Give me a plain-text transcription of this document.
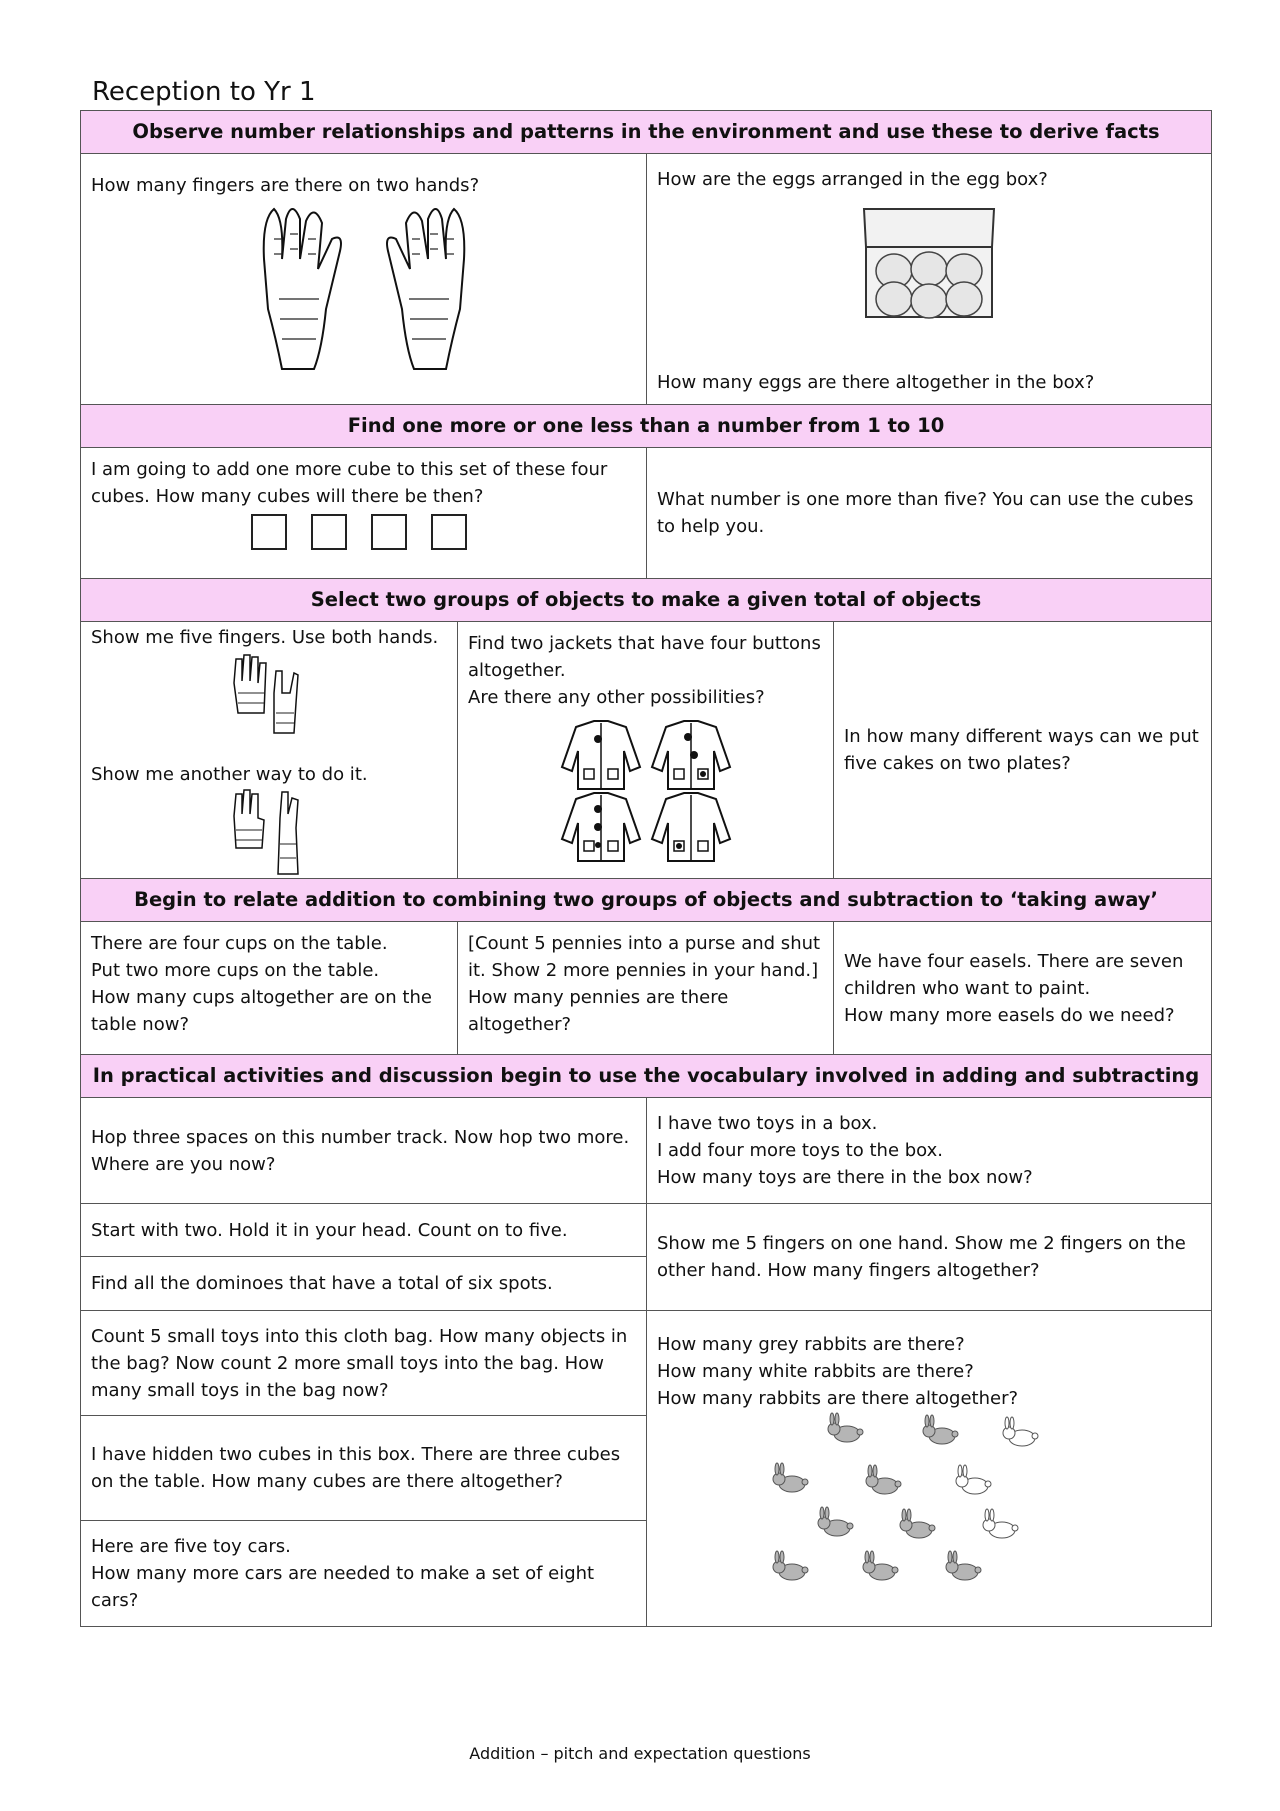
Reception to Yr 1
Observe number relationships and patterns in the environment and use these to derive facts
How many fingers are there on two hands?	How are the eggs arranged in the egg box?
How many eggs are there altogether in the box?
Find one more or one less than a number from 1 to 10
I am going to add one more cube to this set of these four cubes. How many cubes will there be then?	What number is one more than five? You can use the cubes to help you.
Select two groups of objects to make a given total of objects
Show me five fingers. Use both hands.
Show me another way to do it.
Find two jackets that have four buttons altogether.
Are there any other possibilities?
In how many different ways can we put five cakes on two plates?
Begin to relate addition to combining two groups of objects and subtraction to ‘taking away’
There are four cups on the table.
Put two more cups on the table.
How many cups altogether are on the table now?
[Count 5 pennies into a purse and shut it. Show 2 more pennies in your hand.]
How many pennies are there altogether?
We have four easels. There are seven children who want to paint.
How many more easels do we need?
In practical activities and discussion begin to use the vocabulary involved in adding and subtracting
Hop three spaces on this number track. Now hop two more.
Where are you now?
I have two toys in a box.
I add four more toys to the box.
How many toys are there in the box now?
Start with two. Hold it in your head. Count on to five.
Find all the dominoes that have a total of six spots.
Show me 5 fingers on one hand. Show me 2 fingers on the other hand. How many fingers altogether?
Count 5 small toys into this cloth bag. How many objects in the bag? Now count 2 more small toys into the bag. How many small toys in the bag now?
I have hidden two cubes in this box. There are three cubes on the table. How many cubes are there altogether?
Here are five toy cars.
How many more cars are needed to make a set of eight cars?
How many grey rabbits are there?
How many white rabbits are there?
How many rabbits are there altogether?
Addition – pitch and expectation questions
